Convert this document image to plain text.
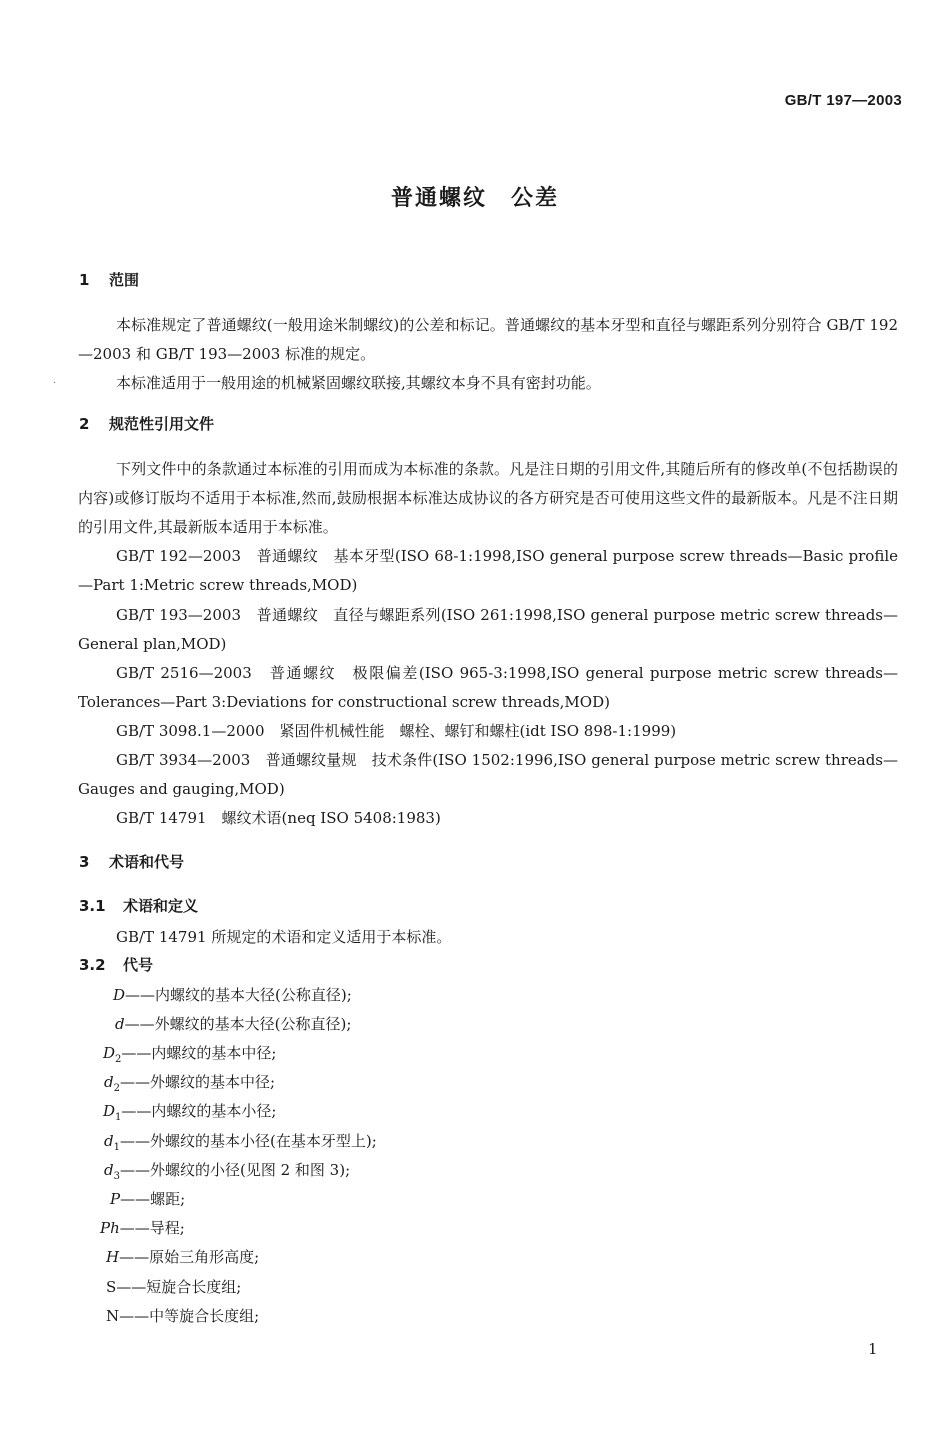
GB/T 197—2003
普通螺纹　公差
1 范围
本标准规定了普通螺纹(一般用途米制螺纹)的公差和标记。普通螺纹的基本牙型和直径与螺距系列分别符合 GB/T 192—2003 和 GB/T 193—2003 标准的规定。
本标准适用于一般用途的机械紧固螺纹联接,其螺纹本身不具有密封功能。
·
2 规范性引用文件
下列文件中的条款通过本标准的引用而成为本标准的条款。凡是注日期的引用文件,其随后所有的修改单(不包括勘误的内容)或修订版均不适用于本标准,然而,鼓励根据本标准达成协议的各方研究是否可使用这些文件的最新版本。凡是不注日期的引用文件,其最新版本适用于本标准。
GB/T 192—2003　普通螺纹　基本牙型(ISO 68-1:1998,ISO general purpose screw threads—Basic profile—Part 1:Metric screw threads,MOD)
GB/T 193—2003　普通螺纹　直径与螺距系列(ISO 261:1998,ISO general purpose metric screw threads—General plan,MOD)
GB/T 2516—2003　普通螺纹　极限偏差(ISO 965-3:1998,ISO general purpose metric screw threads—Tolerances—Part 3:Deviations for constructional screw threads,MOD)
GB/T 3098.1—2000　紧固件机械性能　螺栓、螺钉和螺柱(idt ISO 898-1:1999)
GB/T 3934—2003　普通螺纹量规　技术条件(ISO 1502:1996,ISO general purpose metric screw threads—Gauges and gauging,MOD)
GB/T 14791　螺纹术语(neq ISO 5408:1983)
3 术语和代号
3.1 术语和定义
GB/T 14791 所规定的术语和定义适用于本标准。
3.2 代号
D——内螺纹的基本大径(公称直径);
d——外螺纹的基本大径(公称直径);
$D_2——$内螺纹的基本中径;
$d_2——$外螺纹的基本中径;
$D_1——$内螺纹的基本小径;
$d_1——$外螺纹的基本小径(在基本牙型上);
$d_3——$外螺纹的小径(见图 2 和图 3);
P——螺距;
Ph——导程;
H——原始三角形高度;
S——短旋合长度组;
N——中等旋合长度组;
1
